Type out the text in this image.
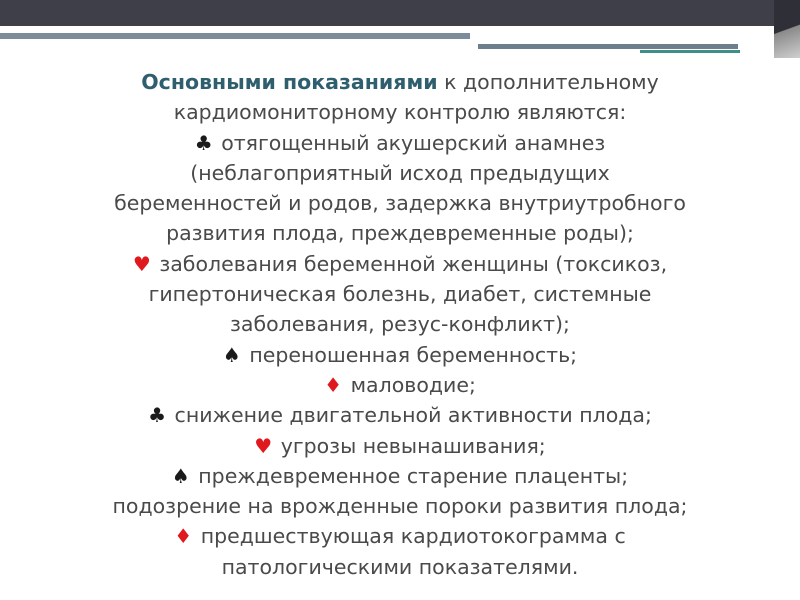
Основными показаниями к дополнительному
кардиомониторному контролю являются:
♣ отягощенный акушерский анамнез
(неблагоприятный исход предыдущих
беременностей и родов, задержка внутриутробного
развития плода, преждевременные роды);
♥ заболевания беременной женщины (токсикоз,
гипертоническая болезнь, диабет, системные
заболевания, резус-конфликт);
♠ переношенная беременность;
♦ маловодие;
♣ снижение двигательной активности плода;
♥ угрозы невынашивания;
♠ преждевременное старение плаценты;
подозрение на врожденные пороки развития плода;
♦ предшествующая кардиотокограмма с
патологическими показателями.
